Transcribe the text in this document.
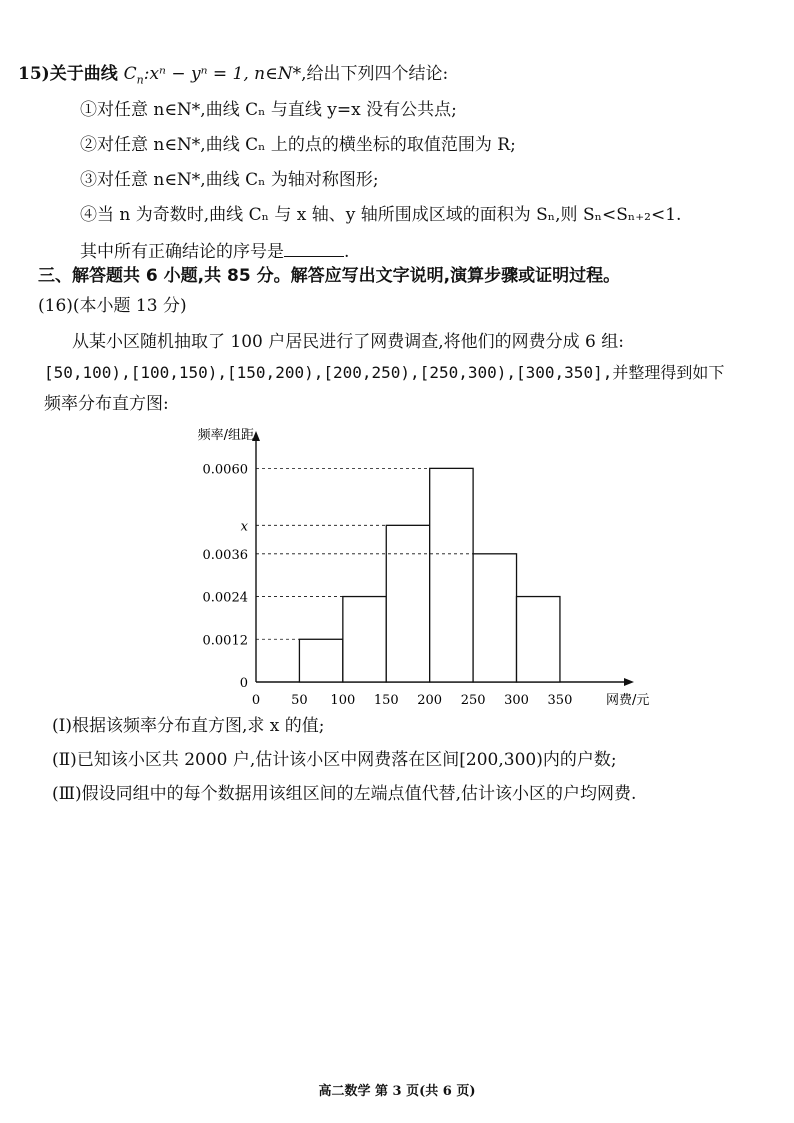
15)关于曲线 $C_n:x^n - y^n = 1$, n∈N*,给出下列四个结论:
①对任意 n∈N*,曲线 Cₙ 与直线 y=x 没有公共点;
②对任意 n∈N*,曲线 Cₙ 上的点的横坐标的取值范围为 R;
③对任意 n∈N*,曲线 Cₙ 为轴对称图形;
④当 n 为奇数时,曲线 Cₙ 与 x 轴、y 轴所围成区域的面积为 Sₙ,则 Sₙ<Sₙ₊₂<1.
其中所有正确结论的序号是	.
三、解答题共 6 小题,共 85 分。解答应写出文字说明,演算步骤或证明过程。
(16)(本小题 13 分)
从某小区随机抽取了 100 户居民进行了网费调查,将他们的网费分成 6 组:
[50,100),[100,150),[150,200),[200,250),[250,300),[300,350],并整理得到如下
频率分布直方图:
0
0.0012
0.0024
0.0036
x
0.0060
0 50 100 150 200 250 300 350
频率/组距
网费/元
(Ⅰ)根据该频率分布直方图,求 x 的值;
(Ⅱ)已知该小区共 2000 户,估计该小区中网费落在区间[200,300)内的户数;
(Ⅲ)假设同组中的每个数据用该组区间的左端点值代替,估计该小区的户均网费.
高二数学 第 3 页(共 6 页)
